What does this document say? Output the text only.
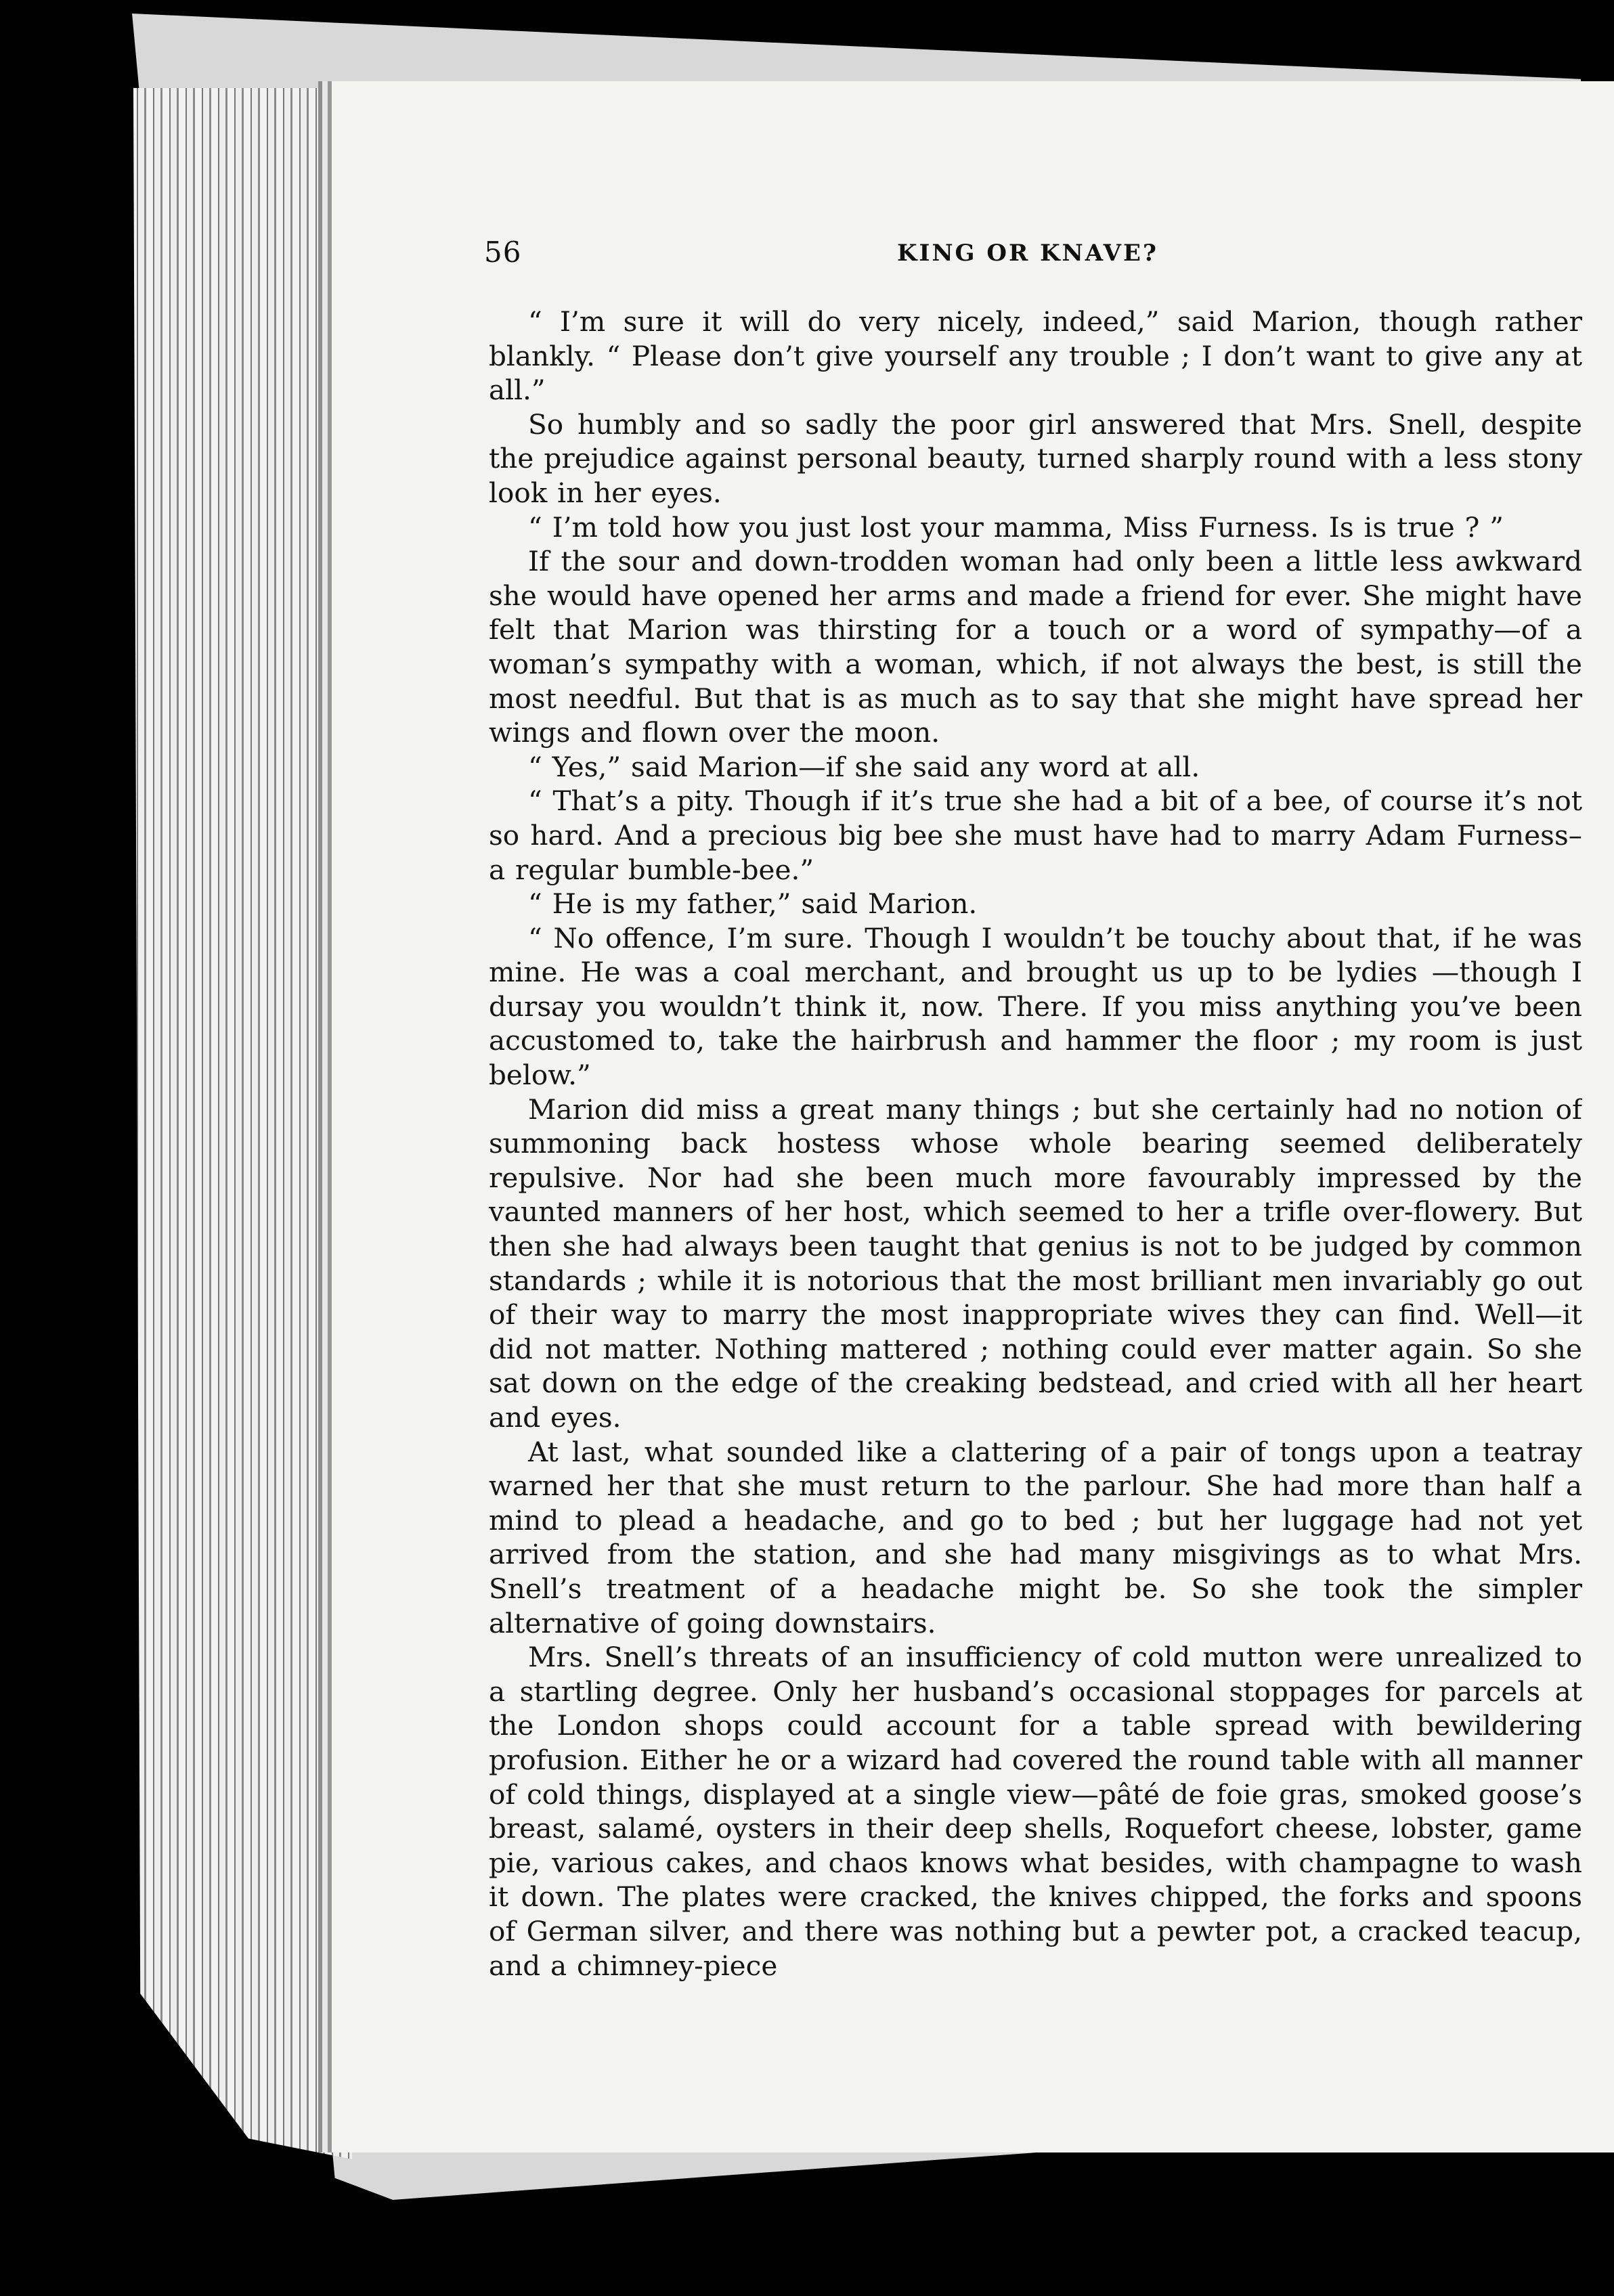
56	KING OR KNAVE?

“ I’m sure it will do very nicely, indeed,” said Marion, though rather blankly. “ Please don’t give yourself any trouble ; I don’t want to give any at all.”

So humbly and so sadly the poor girl answered that Mrs. Snell, despite the prejudice against personal beauty, turned sharply round with a less stony look in her eyes.

“ I’m told how you just lost your mamma, Miss Furness. Is is true ? ”

If the sour and down-trodden woman had only been a little less awkward she would have opened her arms and made a friend for ever. She might have felt that Marion was thirsting for a touch or a word of sympathy—of a woman’s sympathy with a woman, which, if not always the best, is still the most needful. But that is as much as to say that she might have spread her wings and flown over the moon.

“ Yes,” said Marion—if she said any word at all.

“ That’s a pity. Though if it’s true she had a bit of a bee, of course it’s not so hard. And a precious big bee she must have had to marry Adam Furness– a regular bumble-bee.”

“ He is my father,” said Marion.

“ No offence, I’m sure. Though I wouldn’t be touchy about that, if he was mine. He was a coal merchant, and brought us up to be lydies —though I dursay you wouldn’t think it, now. There. If you miss anything you’ve been accustomed to, take the hairbrush and hammer the floor ; my room is just below.”

Marion did miss a great many things ; but she certainly had no notion of summoning back hostess whose whole bearing seemed deliberately repulsive. Nor had she been much more favourably impressed by the vaunted manners of her host, which seemed to her a trifle over-flowery. But then she had always been taught that genius is not to be judged by common standards ; while it is notorious that the most brilliant men invariably go out of their way to marry the most inappropriate wives they can find. Well—it did not matter. Nothing mattered ; nothing could ever matter again. So she sat down on the edge of the creaking bedstead, and cried with all her heart and eyes.

At last, what sounded like a clattering of a pair of tongs upon a teatray warned her that she must return to the parlour. She had more than half a mind to plead a headache, and go to bed ; but her luggage had not yet arrived from the station, and she had many misgivings as to what Mrs. Snell’s treatment of a headache might be. So she took the simpler alternative of going downstairs.

Mrs. Snell’s threats of an insufficiency of cold mutton were unrealized to a startling degree. Only her husband’s occasional stoppages for parcels at the London shops could account for a table spread with bewildering profusion. Either he or a wizard had covered the round table with all manner of cold things, displayed at a single view—pâté de foie gras, smoked goose’s breast, salamé, oysters in their deep shells, Roquefort cheese, lobster, game pie, various cakes, and chaos knows what besides, with champagne to wash it down. The plates were cracked, the knives chipped, the forks and spoons of German silver, and there was nothing but a pewter pot, a cracked teacup, and a chimney-piece
